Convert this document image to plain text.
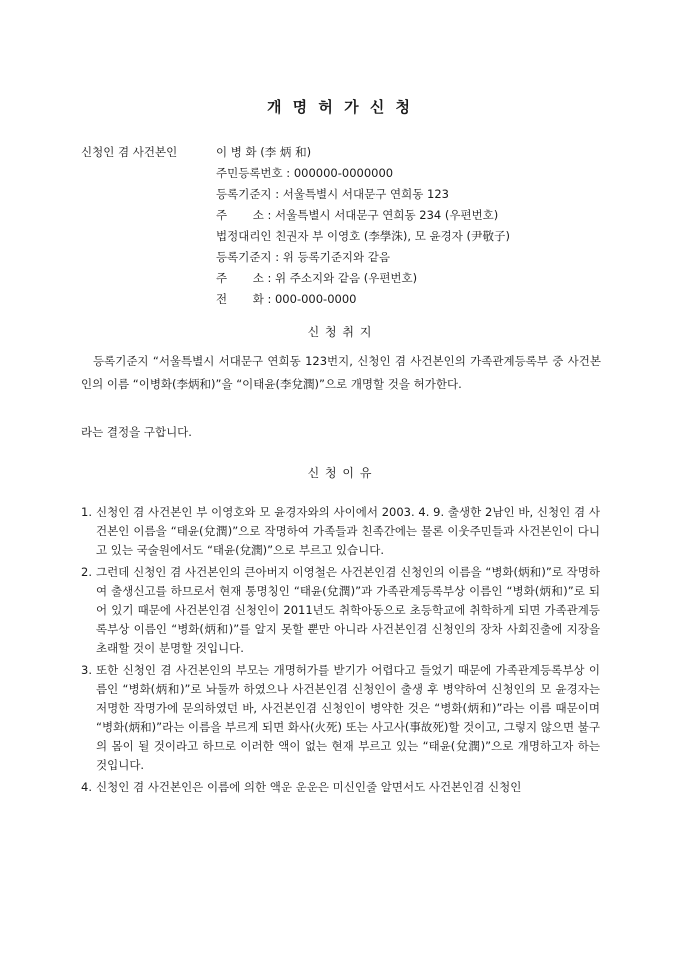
개 명 허 가 신 청
신청인 겸 사건본인	이 병 화 (李 炳 和)
주민등록번호 : 000000-0000000
등록기준지 : 서울특별시 서대문구 연희동 123
주       소 : 서울특별시 서대문구 연희동 234 (우편번호)
법정대리인 친권자 부 이영호 (李學洙), 모 윤경자 (尹敬子)
등록기준지 : 위 등록기준지와 같음
주       소 : 위 주소지와 같음 (우편번호)
전       화 : 000-000-0000
신 청 취 지
등록기준지 “서울특별시 서대문구 연희동 123번지, 신청인 겸 사건본인의 가족관계등록부 중 사건본인의 이름 “이병화(李炳和)”을 “이태윤(李兌潤)”으로 개명할 것을 허가한다.
라는 결정을 구합니다.
신 청 이 유
1. 신청인 겸 사건본인 부 이영호와 모 윤경자와의 사이에서 2003. 4. 9. 출생한 2남인 바, 신청인 겸 사건본인 이름을 “태윤(兌潤)”으로 작명하여 가족들과 친족간에는 물론 이웃주민들과 사건본인이 다니고 있는 국술원에서도 “태윤(兌潤)”으로 부르고 있습니다.
2. 그런데 신청인 겸 사건본인의 큰아버지 이영철은 사건본인겸 신청인의 이름을 “병화(炳和)”로 작명하여 출생신고를 하므로서 현재 통명칭인 “태윤(兌潤)”과 가족관계등록부상 이름인 “병화(炳和)”로 되어 있기 때문에 사건본인겸 신청인이 2011년도 취학아동으로 초등학교에 취학하게 되면 가족관계등록부상 이름인 “병화(炳和)”를 알지 못할 뿐만 아니라 사건본인겸 신청인의 장차 사회진출에 지장을 초래할 것이 분명할 것입니다.
3. 또한 신청인 겸 사건본인의 부모는 개명허가를 받기가 어렵다고 들었기 때문에 가족관계등록부상 이름인 “병화(炳和)”로 놔둘까 하였으나 사건본인겸 신청인이 출생 후 병약하여 신청인의 모 윤경자는 저명한 작명가에 문의하였던 바, 사건본인겸 신청인이 병약한 것은 “병화(炳和)”라는 이름 때문이며 “병화(炳和)”라는 이름을 부르게 되면 화사(火死) 또는 사고사(事故死)할 것이고, 그렇지 않으면 불구의 몸이 될 것이라고 하므로 이러한 액이 없는 현재 부르고 있는 “태윤(兌潤)”으로 개명하고자 하는 것입니다.
4. 신청인 겸 사건본인은 이름에 의한 액운 운운은 미신인줄 알면서도 사건본인겸 신청인
